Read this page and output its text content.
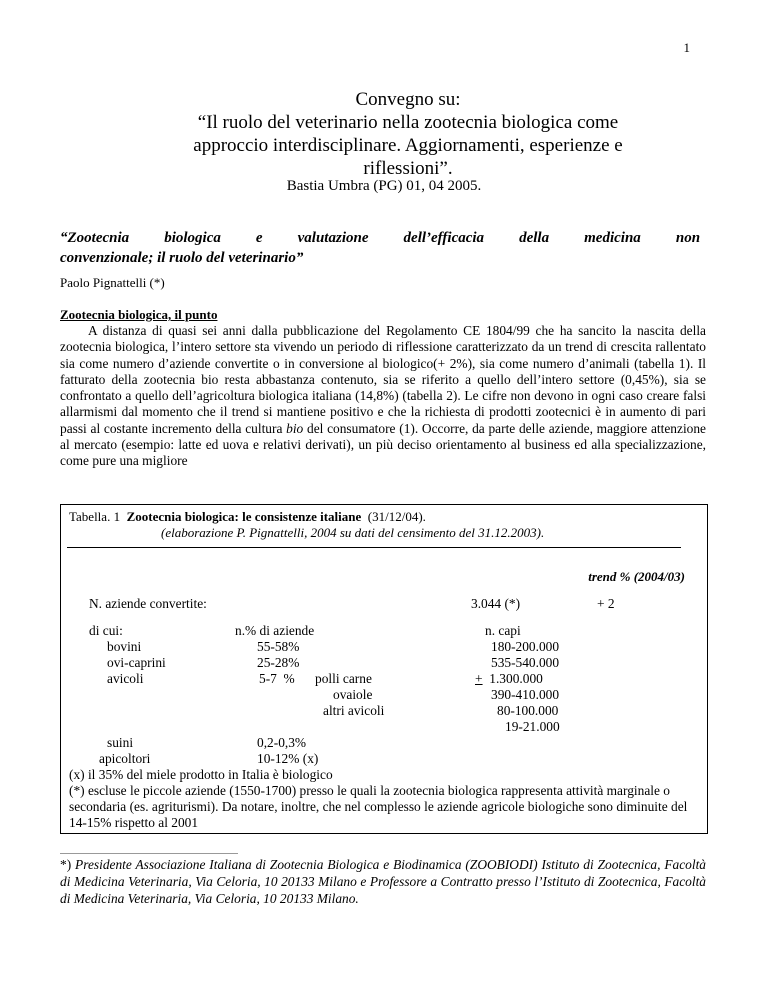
1
Convegno su:
“Il ruolo del veterinario nella zootecnia biologica come
approccio interdisciplinare. Aggiornamenti, esperienze e
riflessioni”.
Bastia Umbra (PG) 01, 04 2005.
“Zootecnia biologica e valutazione dell’efficacia della medicina non
convenzionale; il ruolo del veterinario”
Paolo Pignattelli (*)
Zootecnia biologica, il punto

A distanza di quasi sei anni dalla pubblicazione del Regolamento CE 1804/99 che ha sancito la nascita della zootecnia biologica, l’intero settore sta vivendo un periodo di riflessione caratterizzato da un trend di crescita rallentato sia come numero d’aziende convertite o in conversione al biologico(+ 2%), sia come numero d’animali (tabella 1). Il fatturato della zootecnia bio resta abbastanza contenuto, sia se riferito a quello dell’intero settore (0,45%), sia se confrontato a quello dell’agricoltura biologica italiana (14,8%) (tabella 2). Le cifre non devono in ogni caso creare falsi allarmismi dal momento che il trend si mantiene positivo e che la richiesta di prodotti zootecnici è in aumento di pari passi al costante incremento della cultura bio del consumatore (1). Occorre, da parte delle aziende, maggiore attenzione al mercato (esempio: latte ed uova e relativi derivati), un più deciso orientamento al business ed alla specializzazione, come pure una migliore

Tabella. 1 Zootecnia biologica: le consistenze italiane (31/12/04).
(elaborazione P. Pignattelli, 2004 su dati del censimento del 31.12.2003).
trend % (2004/03)
N. aziende convertite:	3.044 (*)	+ 2
di cui:
bovini
ovi-caprini
avicoli
suini
apicoltori
n.% di aziende
55-58%
25-28%
5-7  %
0,2-0,3%
10-12% (x)
polli carne
ovaiole
altri avicoli
n. capi
180-200.000
535-540.000
+ 1.300.000
390-410.000
80-100.000
19-21.000
(x) il 35% del miele prodotto in Italia è biologico
(*) escluse le piccole aziende (1550-1700) presso le quali la zootecnia biologica rappresenta attività marginale o secondaria (es. agriturismi). Da notare, inoltre, che nel complesso le aziende agricole biologiche sono diminuite del 14-15% rispetto al 2001
*) Presidente Associazione Italiana di Zootecnia Biologica e Biodinamica (ZOOBIODI) Istituto di Zootecnica, Facoltà di Medicina Veterinaria, Via Celoria, 10 20133 Milano e Professore a Contratto presso l’Istituto di Zootecnica, Facoltà di Medicina Veterinaria, Via Celoria, 10 20133 Milano.
